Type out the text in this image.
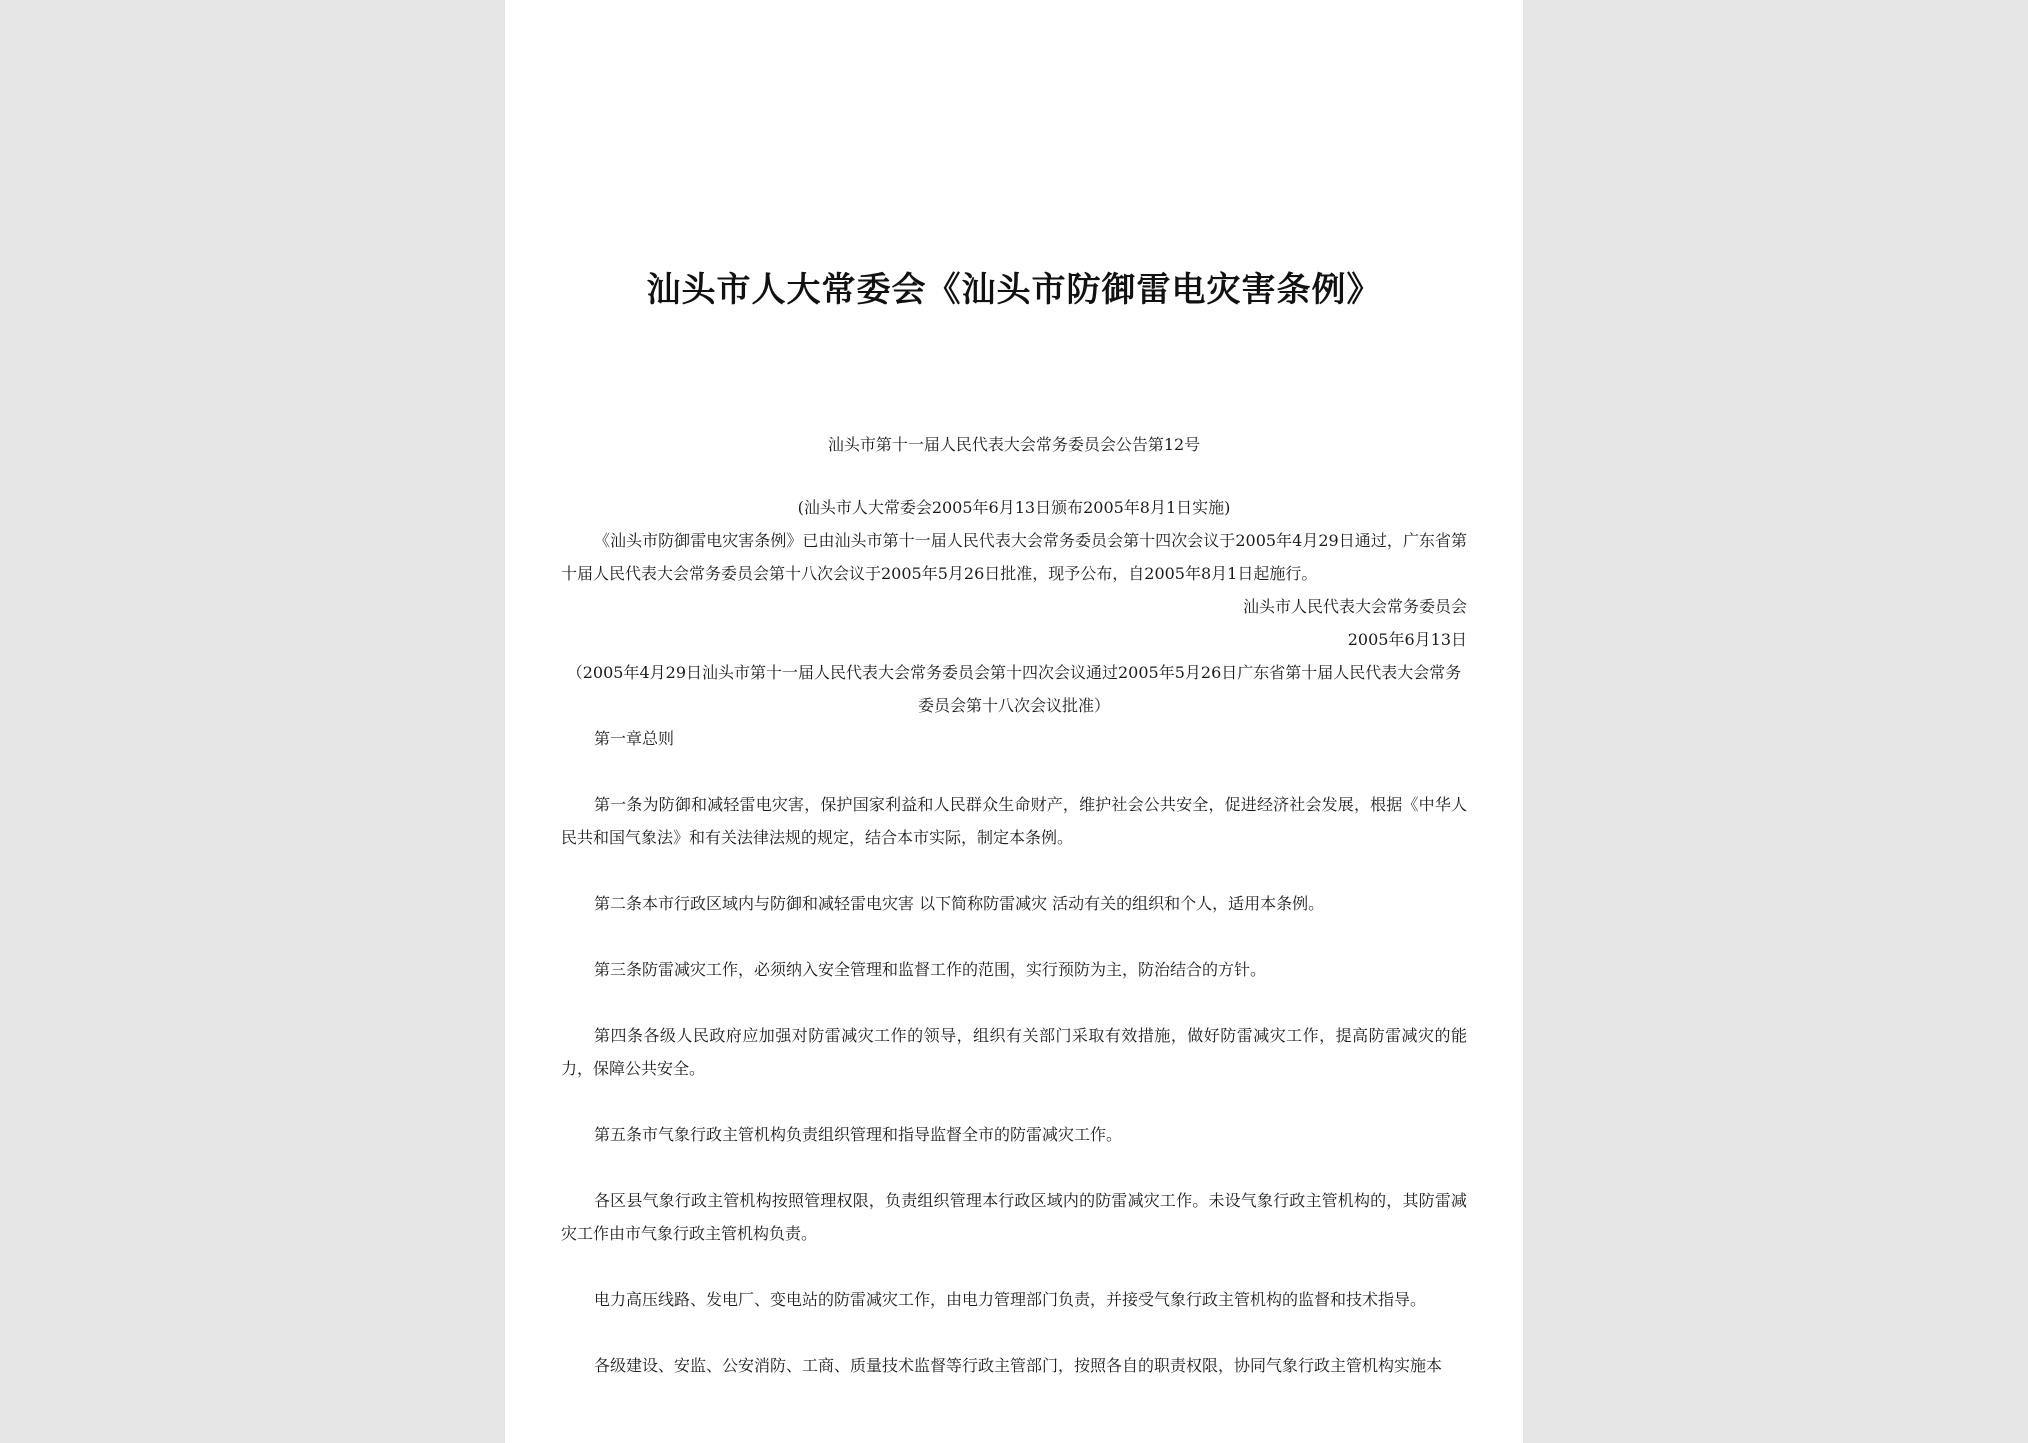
汕头市人大常委会《汕头市防御雷电灾害条例》

汕头市第十一届人民代表大会常务委员会公告第12号

(汕头市人大常委会2005年6月13日颁布2005年8月1日实施)

《汕头市防御雷电灾害条例》已由汕头市第十一届人民代表大会常务委员会第十四次会议于2005年4月29日通过，广东省第十届人民代表大会常务委员会第十八次会议于2005年5月26日批准，现予公布，自2005年8月1日起施行。

汕头市人民代表大会常务委员会

2005年6月13日

（2005年4月29日汕头市第十一届人民代表大会常务委员会第十四次会议通过2005年5月26日广东省第十届人民代表大会常务委员会第十八次会议批准）

第一章总则

第一条为防御和减轻雷电灾害，保护国家利益和人民群众生命财产，维护社会公共安全，促进经济社会发展，根据《中华人民共和国气象法》和有关法律法规的规定，结合本市实际，制定本条例。

第二条本市行政区域内与防御和减轻雷电灾害 以下简称防雷减灾 活动有关的组织和个人，适用本条例。

第三条防雷减灾工作，必须纳入安全管理和监督工作的范围，实行预防为主，防治结合的方针。

第四条各级人民政府应加强对防雷减灾工作的领导，组织有关部门采取有效措施，做好防雷减灾工作，提高防雷减灾的能力，保障公共安全。

第五条市气象行政主管机构负责组织管理和指导监督全市的防雷减灾工作。

各区县气象行政主管机构按照管理权限，负责组织管理本行政区域内的防雷减灾工作。未设气象行政主管机构的，其防雷减灾工作由市气象行政主管机构负责。

电力高压线路、发电厂、变电站的防雷减灾工作，由电力管理部门负责，并接受气象行政主管机构的监督和技术指导。

各级建设、安监、公安消防、工商、质量技术监督等行政主管部门，按照各自的职责权限，协同气象行政主管机构实施本
